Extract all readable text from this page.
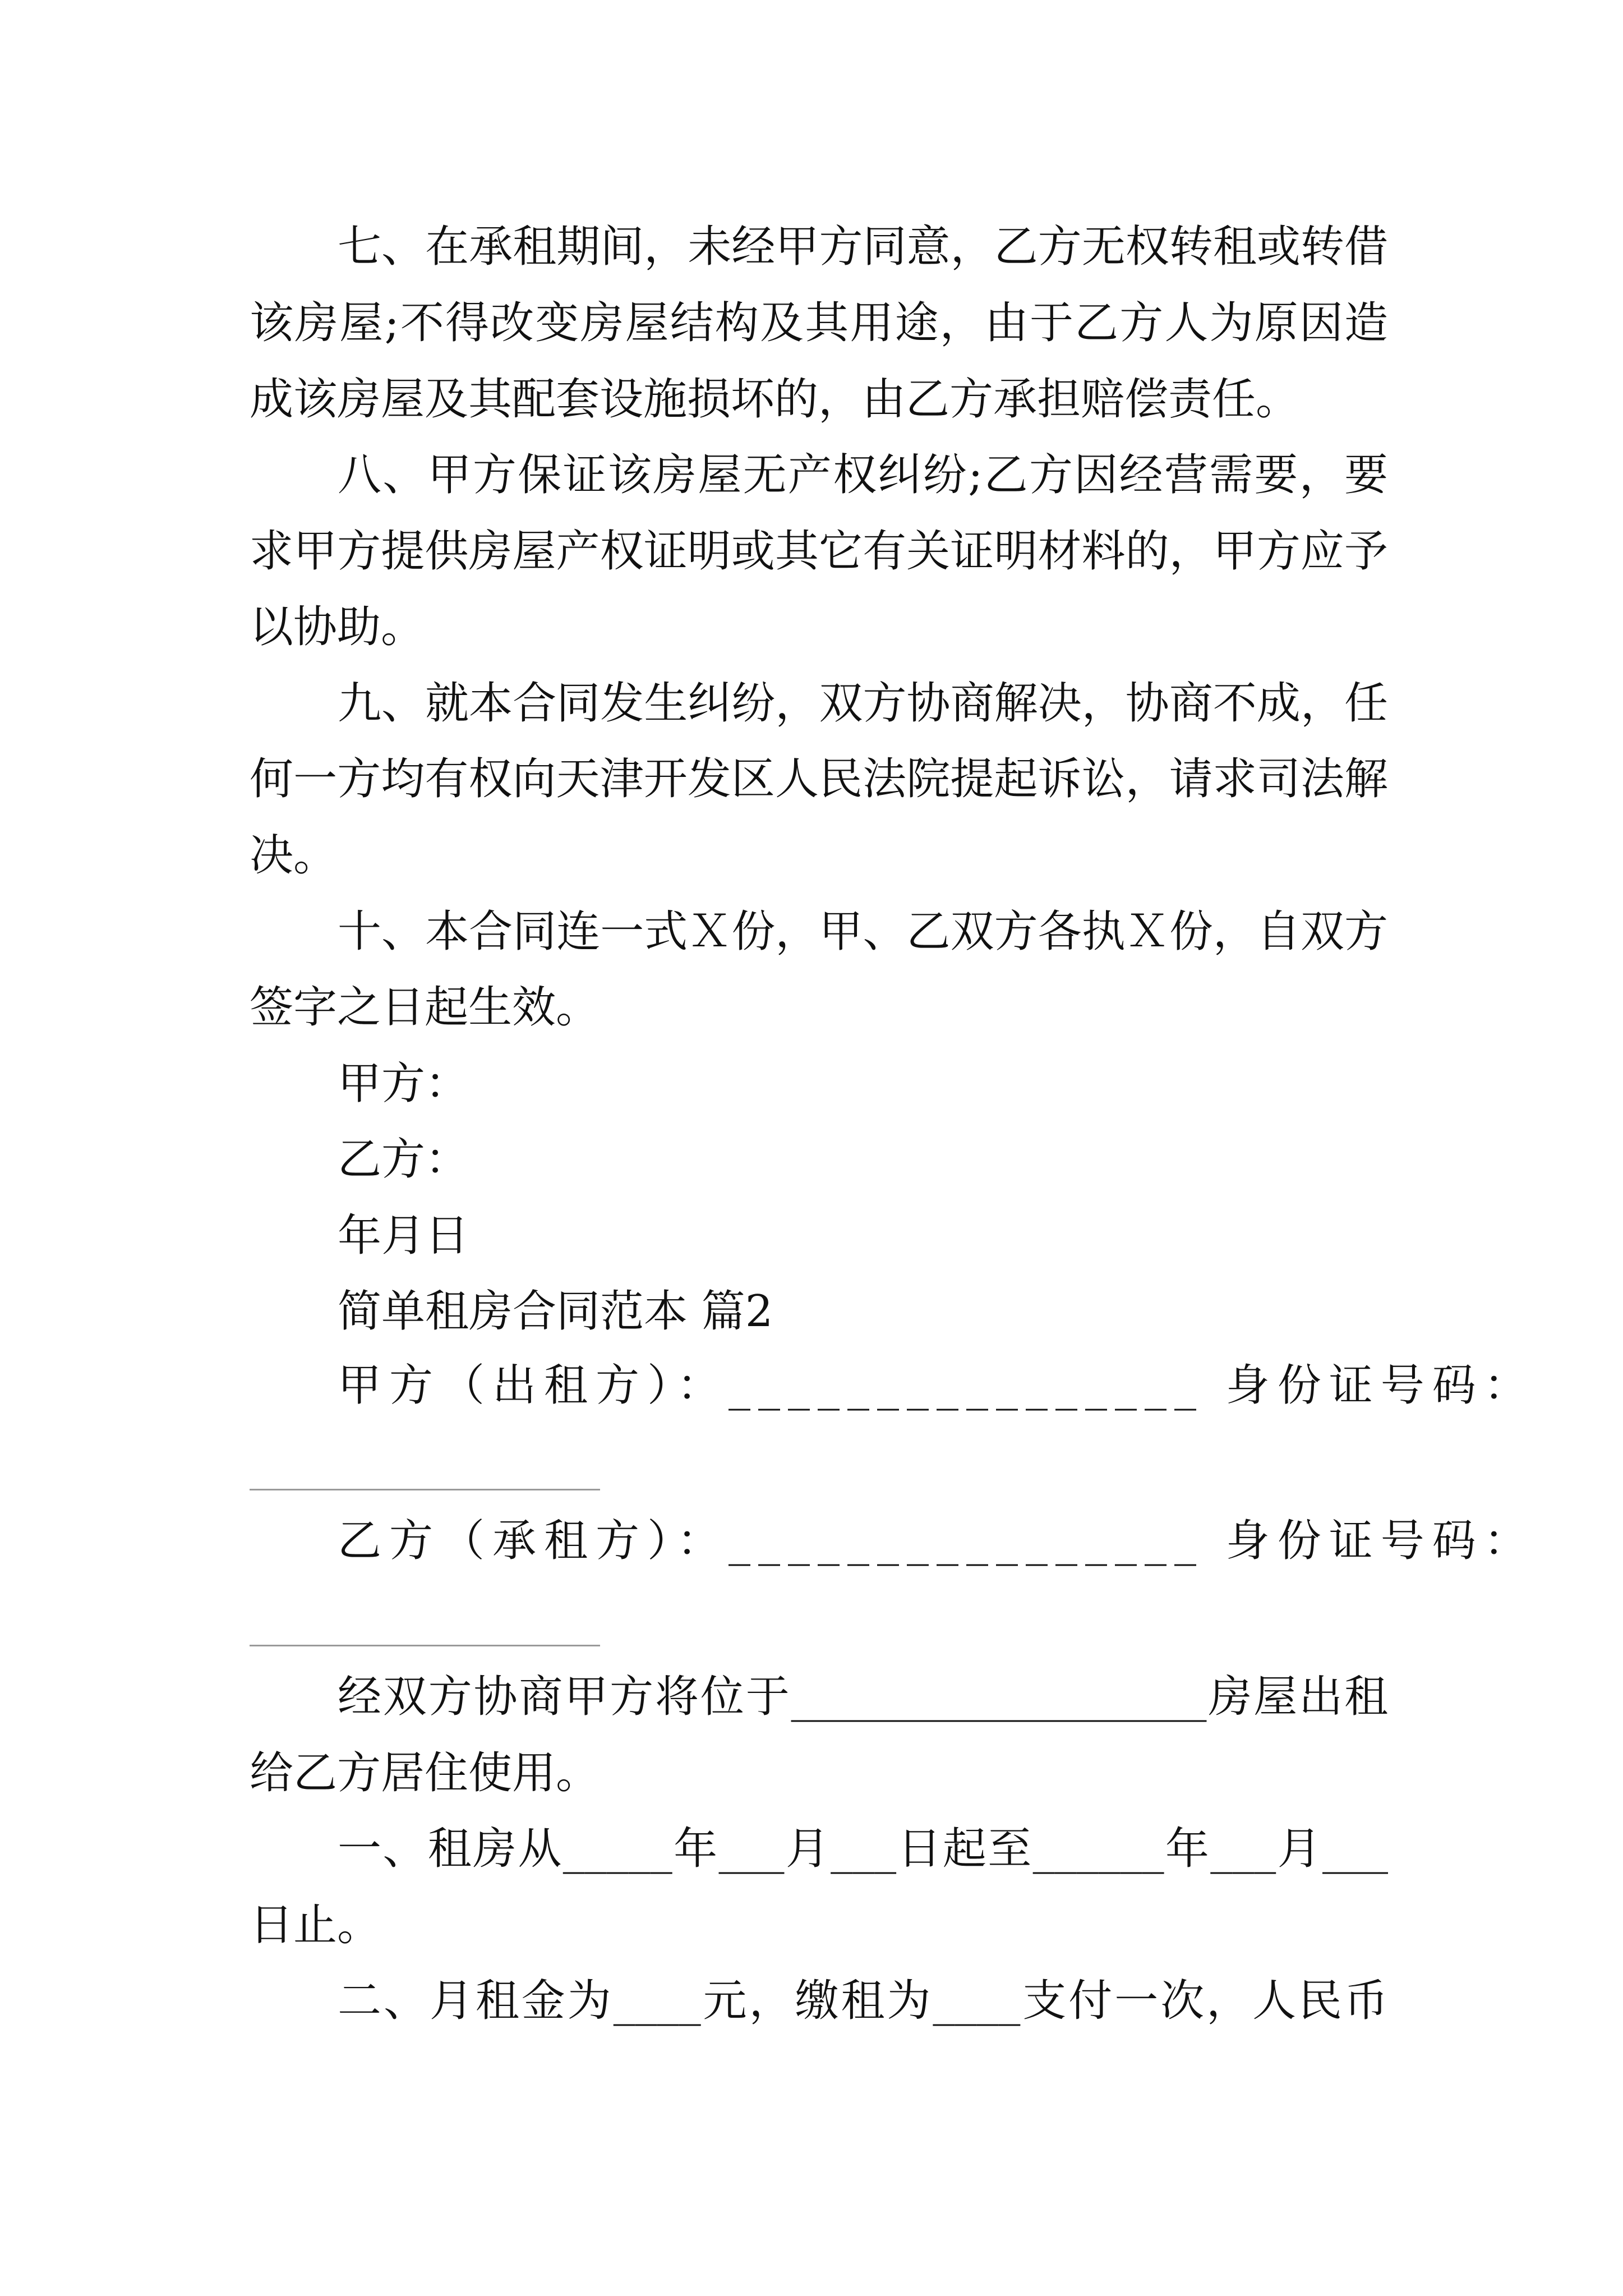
七、在承租期间，未经甲方同意，乙方无权转租或转借
该房屋;不得改变房屋结构及其用途，由于乙方人为原因造
成该房屋及其配套设施损坏的，由乙方承担赔偿责任。
八、甲方保证该房屋无产权纠纷;乙方因经营需要，要
求甲方提供房屋产权证明或其它有关证明材料的，甲方应予
以协助。
九、就本合同发生纠纷，双方协商解决，协商不成，任
何一方均有权向天津开发区人民法院提起诉讼，请求司法解
决。
十、本合同连一式Ｘ份，甲、乙双方各执Ｘ份，自双方
签字之日起生效。
甲方：
乙方：
年月日
简单租房合同范本 篇2
甲方（出租方）：________________ 身份证号码：
乙方（承租方）：________________ 身份证号码：
经双方协商甲方将位于___________________房屋出租
给乙方居住使用。
一、租房从_____年___月___日起至______年___月___
日止。
二、月租金为____元，缴租为____支付一次，人民币
